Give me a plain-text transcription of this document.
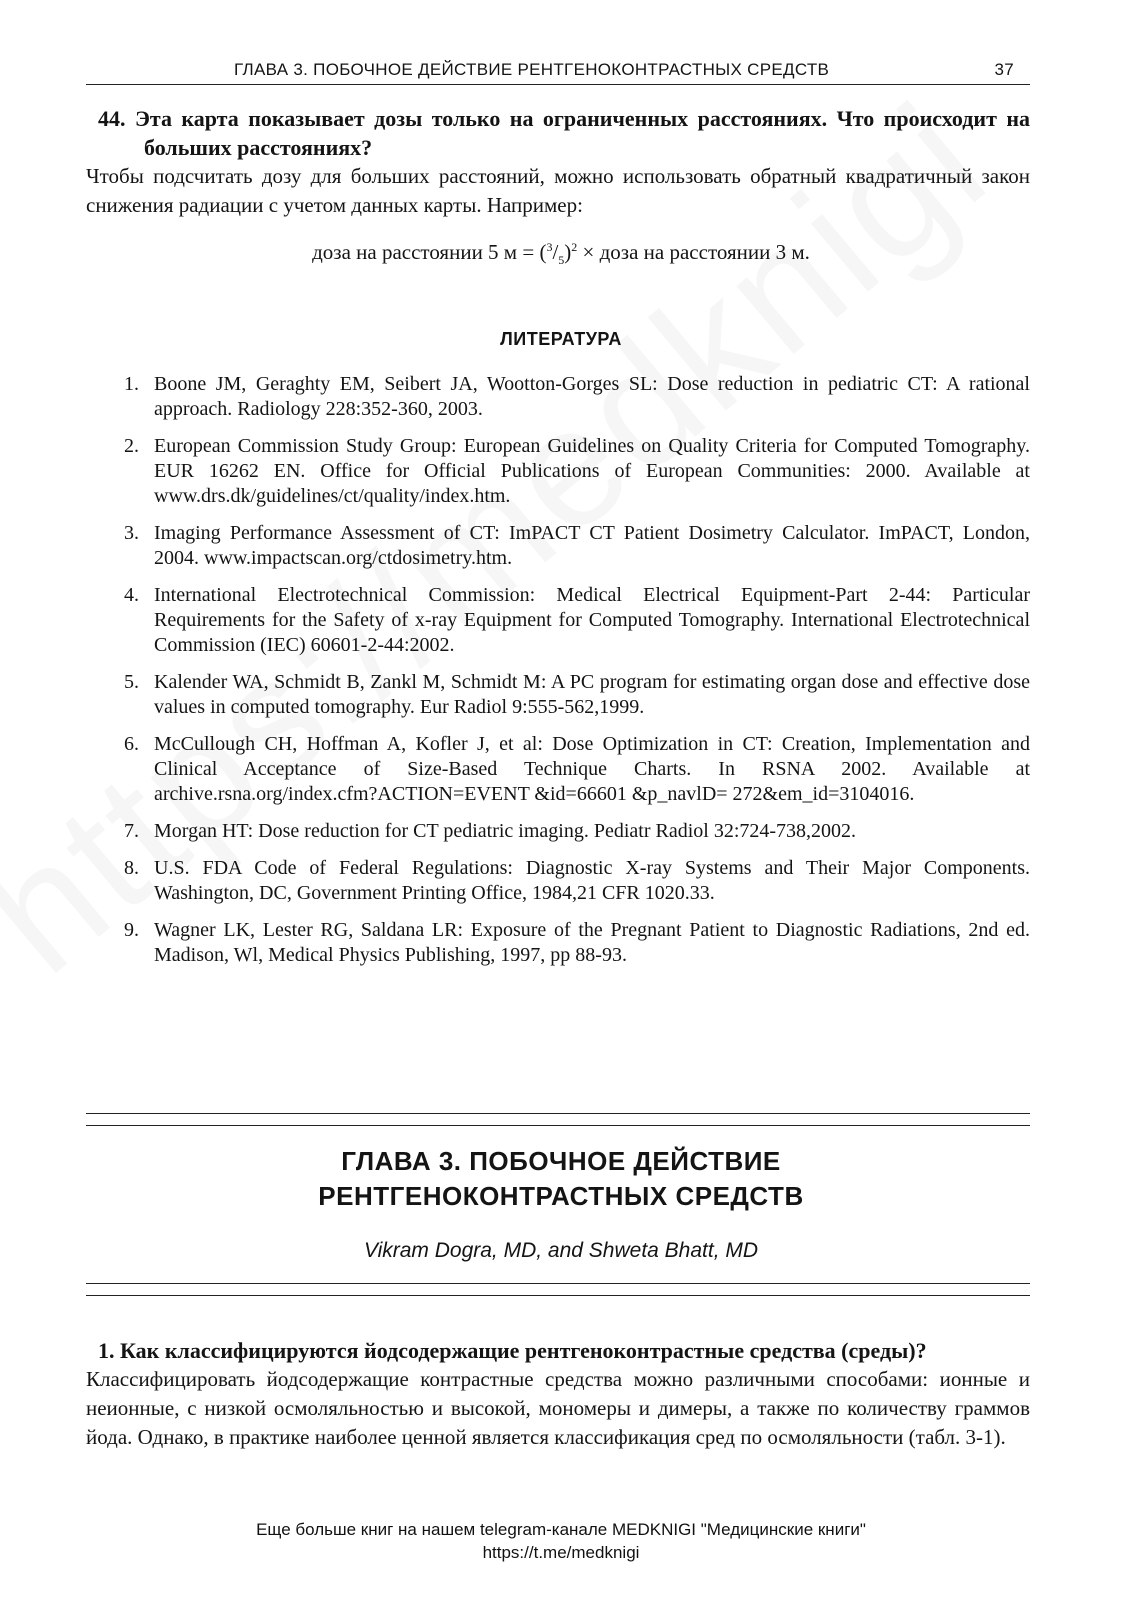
ГЛАВА 3. ПОБОЧНОЕ ДЕЙСТВИЕ РЕНТГЕНОКОНТРАСТНЫХ СРЕДСТВ	37
44. Эта карта показывает дозы только на ограниченных расстояниях. Что происходит на больших расстояниях?
Чтобы подсчитать дозу для больших расстояний, можно использовать обратный квадратичный закон снижения радиации с учетом данных карты. Например:
доза на расстоянии 5 $м = (^3/_5)^2$ × доза на расстоянии 3 м.
ЛИТЕРАТУРА
1. Boone JM, Geraghty EM, Seibert JA, Wootton-Gorges SL: Dose reduction in pediatric CT: A rational approach. Radiology 228:352-360, 2003.
2. European Commission Study Group: European Guidelines on Quality Criteria for Computed Tomography. EUR 16262 EN. Office for Official Publications of European Communities: 2000. Available at www.drs.dk/guidelines/ct/quality/index.htm.
3. Imaging Performance Assessment of CT: ImPACT CT Patient Dosimetry Calculator. ImPACT, London, 2004. www.impactscan.org/ctdosimetry.htm.
4. International Electrotechnical Commission: Medical Electrical Equipment-Part 2-44: Particular Requirements for the Safety of x-ray Equipment for Computed Tomography. International Electrotechnical Commission (IEC) 60601-2-44:2002.
5. Kalender WA, Schmidt B, Zankl M, Schmidt M: A PC program for estimating organ dose and effective dose values in computed tomography. Eur Radiol 9:555-562,1999.
6. McCullough CH, Hoffman A, Kofler J, et al: Dose Optimization in CT: Creation, Implementation and Clinical Acceptance of Size-Based Technique Charts. In RSNA 2002. Available at archive.rsna.org/index.cfm?ACTION=EVENT &id=66601 &p_navlD= 272&em_id=3104016.
7. Morgan HT: Dose reduction for CT pediatric imaging. Pediatr Radiol 32:724-738,2002.
8. U.S. FDA Code of Federal Regulations: Diagnostic X-ray Systems and Their Major Components. Washington, DC, Government Printing Office, 1984,21 CFR 1020.33.
9. Wagner LK, Lester RG, Saldana LR: Exposure of the Pregnant Patient to Diagnostic Radiations, 2nd ed. Madison, Wl, Medical Physics Publishing, 1997, pp 88-93.
ГЛАВА 3. ПОБОЧНОЕ ДЕЙСТВИЕ
РЕНТГЕНОКОНТРАСТНЫХ СРЕДСТВ
Vikram Dogra, MD, and Shweta Bhatt, MD
1. Как классифицируются йодсодержащие рентгеноконтрастные средства (среды)?
Классифицировать йодсодержащие контрастные средства можно различными способами: ионные и неионные, с низкой осмоляльностью и высокой, мономеры и димеры, а также по количеству граммов йода. Однако, в практике наиболее ценной является классификация сред по осмоляльности (табл. 3-1).
Еще больше книг на нашем telegram-канале MEDKNIGI "Медицинские книги"
https://t.me/medknigi
